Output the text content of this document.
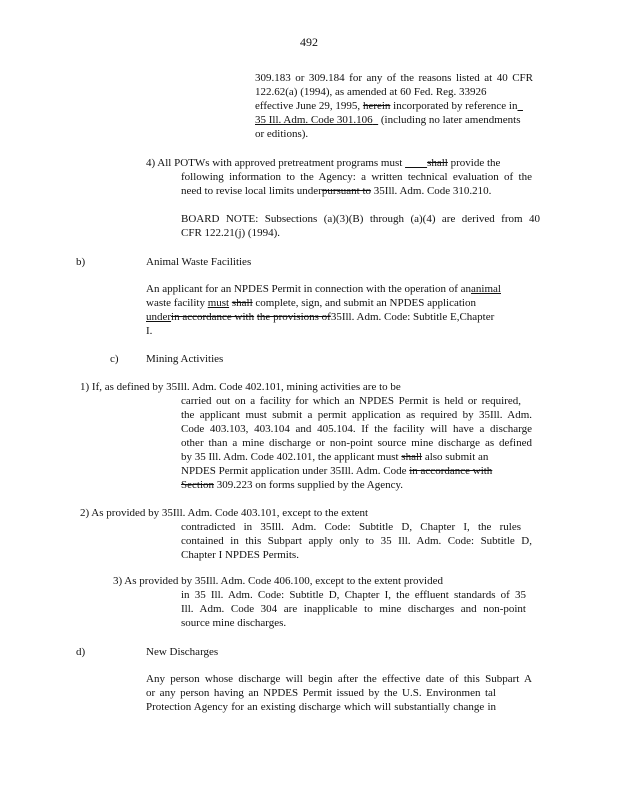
492
309.183 or 309.184 for any of the reasons listed at 40 CFR
122.62(a) (1994), as amended at 60 Fed. Reg. 33926
effective June 29, 1995, herein incorporated by reference in
35 Ill. Adm. Code 301.106 (including no later amendments
or editions).
4) All POTWs with approved pretreatment programs must shall provide the
following information to the Agency: a written technical evaluation of the
need to revise local limits underpursuant to 35Ill. Adm. Code 310.210.
BOARD NOTE: Subsections (a)(3)(B) through (a)(4) are derived from 40
CFR 122.21(j) (1994).
b)	Animal Waste Facilities
An applicant for an NPDES Permit in connection with the operation of ananimal
waste facility must shall complete, sign, and submit an NPDES application
underin accordance with the provisions of35Ill. Adm. Code: Subtitle E,Chapter
I.
c) Mining Activities
1) If, as defined by 35Ill. Adm. Code 402.101, mining activities are to be
carried out on a facility for which an NPDES Permit is held or required,
the applicant must submit a permit application as required by 35Ill. Adm.
Code 403.103, 403.104 and 405.104. If the facility will have a discharge
other than a mine discharge or non-point source mine discharge as defined
by 35 Ill. Adm. Code 402.101, the applicant must shall also submit an
NPDES Permit application under 35Ill. Adm. Code in accordance with
Section 309.223 on forms supplied by the Agency.
2) As provided by 35Ill. Adm. Code 403.101, except to the extent
contradicted in 35Ill. Adm. Code: Subtitle D, Chapter I, the rules
contained in this Subpart apply only to 35 Ill. Adm. Code: Subtitle D,
Chapter I NPDES Permits.
3) As provided by 35Ill. Adm. Code 406.100, except to the extent provided
in 35 Ill. Adm. Code: Subtitle D, Chapter I, the effluent standards of 35
Ill. Adm. Code 304 are inapplicable to mine discharges and non-point
source mine discharges.
d)	New Discharges
Any person whose discharge will begin after the effective date of this Subpart A
or any person having an NPDES Permit issued by the U.S. Environmen tal
Protection Agency for an existing discharge which will substantially change in
